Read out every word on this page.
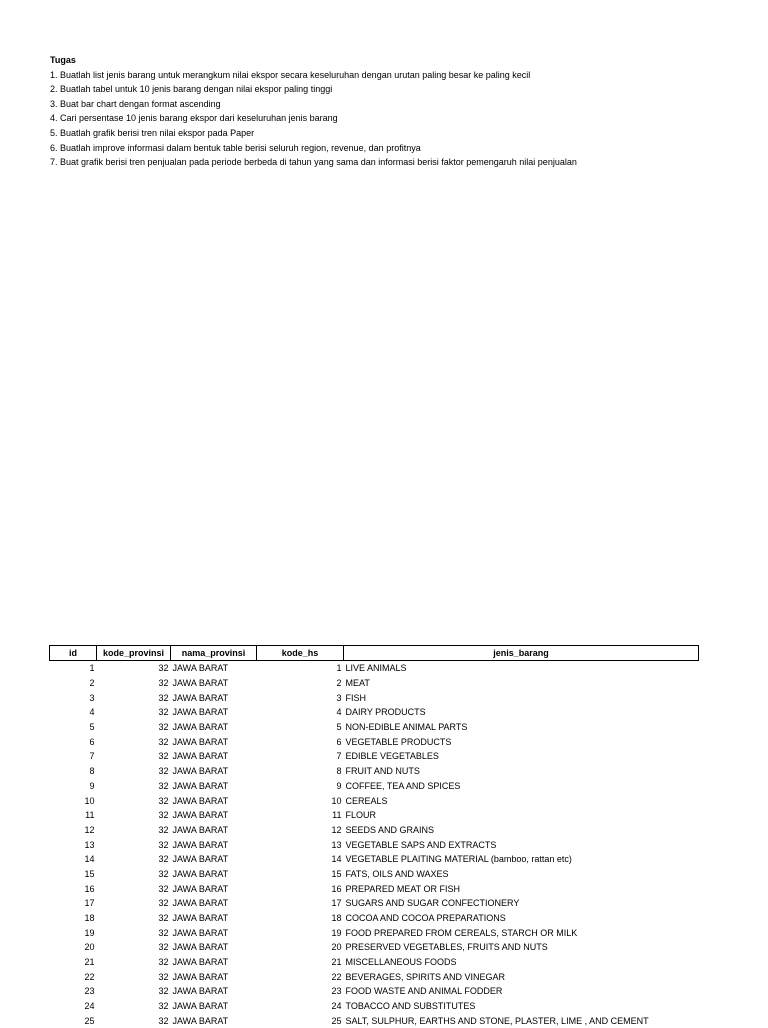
Tugas
1. Buatlah list jenis barang untuk merangkum nilai ekspor secara keseluruhan dengan urutan paling besar ke paling kecil
2. Buatlah tabel untuk 10 jenis barang dengan nilai ekspor paling tinggi
3. Buat bar chart dengan format ascending
4. Cari persentase 10 jenis barang ekspor dari keseluruhan jenis barang
5. Buatlah grafik berisi tren nilai ekspor pada Paper
6. Buatlah improve informasi dalam bentuk table berisi seluruh region, revenue, dan profitnya
7. Buat grafik berisi tren penjualan pada periode berbeda di tahun yang sama dan informasi berisi faktor pemengaruh nilai penjualan
id	kode_provinsi	nama_provinsi	kode_hs	jenis_barang
1	32	JAWA BARAT	1	LIVE ANIMALS
2	32	JAWA BARAT	2	MEAT
3	32	JAWA BARAT	3	FISH
4	32	JAWA BARAT	4	DAIRY PRODUCTS
5	32	JAWA BARAT	5	NON-EDIBLE ANIMAL PARTS
6	32	JAWA BARAT	6	VEGETABLE PRODUCTS
7	32	JAWA BARAT	7	EDIBLE VEGETABLES
8	32	JAWA BARAT	8	FRUIT AND NUTS
9	32	JAWA BARAT	9	COFFEE, TEA AND SPICES
10	32	JAWA BARAT	10	CEREALS
11	32	JAWA BARAT	11	FLOUR
12	32	JAWA BARAT	12	SEEDS AND GRAINS
13	32	JAWA BARAT	13	VEGETABLE SAPS AND EXTRACTS
14	32	JAWA BARAT	14	VEGETABLE PLAITING MATERIAL (bamboo, rattan etc)
15	32	JAWA BARAT	15	FATS, OILS AND WAXES
16	32	JAWA BARAT	16	PREPARED MEAT OR FISH
17	32	JAWA BARAT	17	SUGARS AND SUGAR CONFECTIONERY
18	32	JAWA BARAT	18	COCOA AND COCOA PREPARATIONS
19	32	JAWA BARAT	19	FOOD PREPARED FROM CEREALS, STARCH OR MILK
20	32	JAWA BARAT	20	PRESERVED VEGETABLES, FRUITS AND NUTS
21	32	JAWA BARAT	21	MISCELLANEOUS FOODS
22	32	JAWA BARAT	22	BEVERAGES, SPIRITS AND VINEGAR
23	32	JAWA BARAT	23	FOOD WASTE AND ANIMAL FODDER
24	32	JAWA BARAT	24	TOBACCO AND SUBSTITUTES
25	32	JAWA BARAT	25	SALT, SULPHUR, EARTHS AND STONE, PLASTER, LIME , AND CEMENT
